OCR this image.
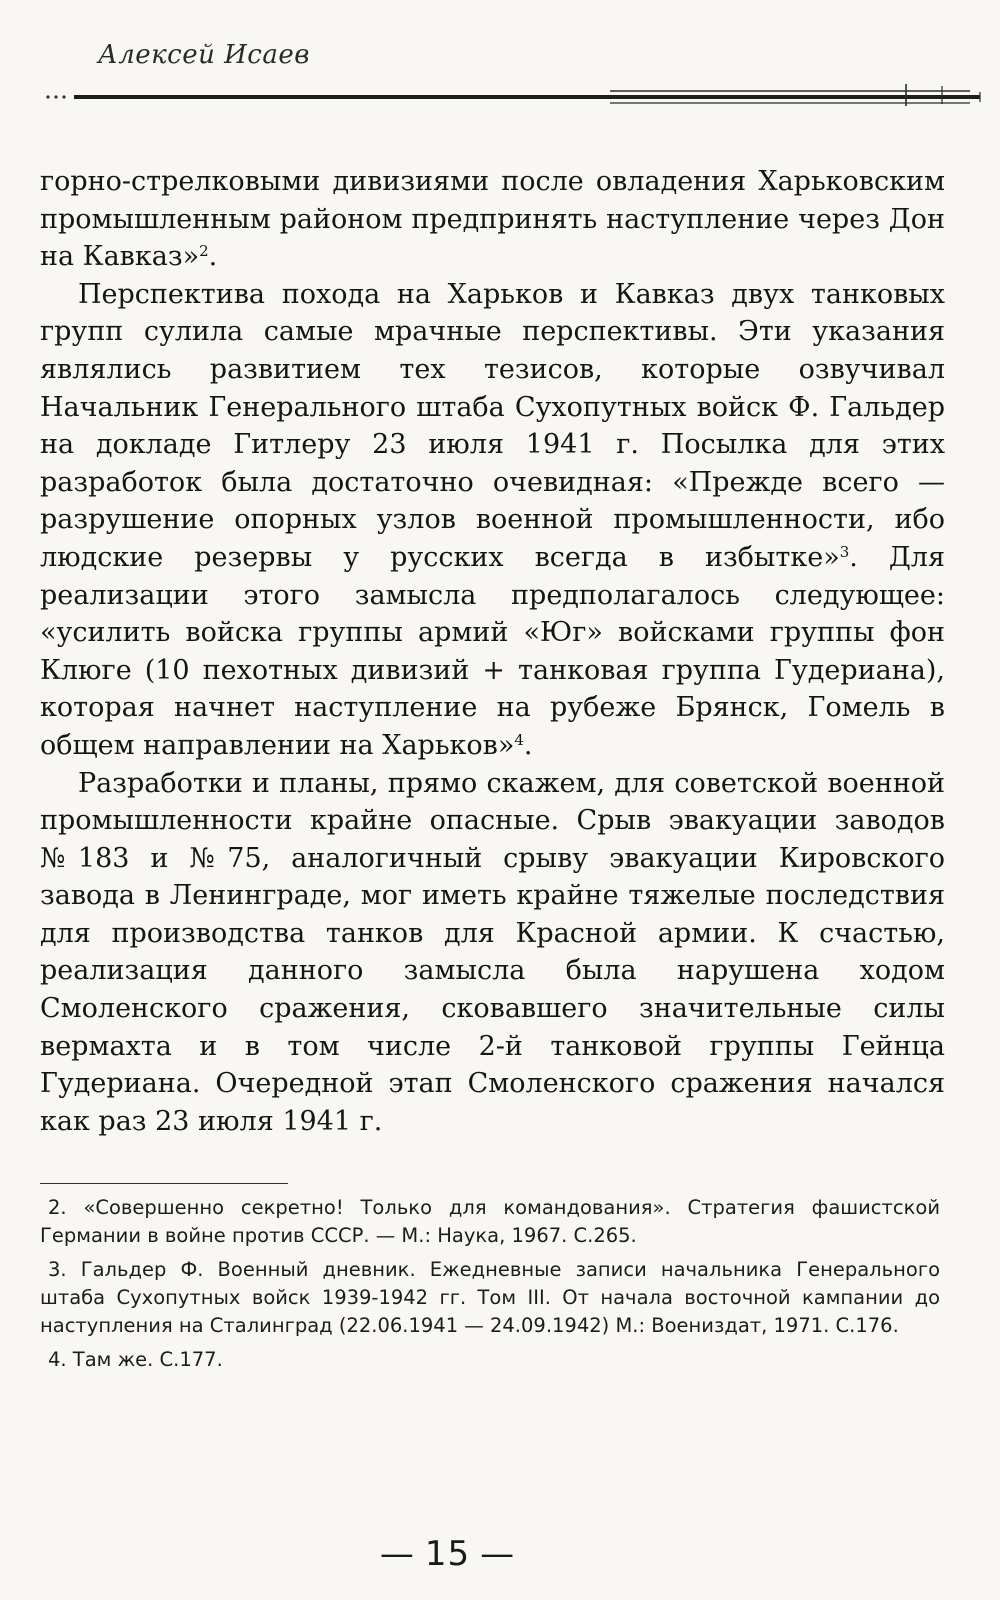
Алексей Исаев

горно-стрелковыми дивизиями после овладения Харьковским промышленным районом предпринять наступление через Дон на Кавказ»$^2$.

Перспектива похода на Харьков и Кавказ двух танковых групп сулила самые мрачные перспективы. Эти указания являлись развитием тех тезисов, которые озвучивал Начальник Генерального штаба Сухопутных войск Ф. Гальдер на докладе Гитлеру 23 июля 1941 г. Посылка для этих разработок была достаточно очевидная: «Прежде всего — разрушение опорных узлов военной промышленности, ибо людские резервы у русских всегда в избытке»$^3$. Для реализации этого замысла предполагалось следующее: «усилить войска группы армий «Юг» войсками группы фон Клюге (10 пехотных дивизий + танковая группа Гудериана), которая начнет наступление на рубеже Брянск, Гомель в общем направлении на Харьков»$^4$.

Разработки и планы, прямо скажем, для советской военной промышленности крайне опасные. Срыв эвакуации заводов №183 и №75, аналогичный срыву эвакуации Кировского завода в Ленинграде, мог иметь крайне тяжелые последствия для производства танков для Красной армии. К счастью, реализация данного замысла была нарушена ходом Смоленского сражения, сковавшего значительные силы вермахта и в том числе 2-й танковой группы Гейнца Гудериана. Очередной этап Смоленского сражения начался как раз 23 июля 1941 г.

2. «Совершенно секретно! Только для командования». Стратегия фашистской Германии в войне против СССР. — М.: Наука, 1967. С.265.

3. Гальдер Ф. Военный дневник. Ежедневные записи начальника Генерального штаба Сухопутных войск 1939-1942 гг. Том III. От начала восточной кампании до наступления на Сталинград (22.06.1941 — 24.09.1942) М.: Воениздат, 1971. С.176.

4. Там же. С.177.

— 15 —
